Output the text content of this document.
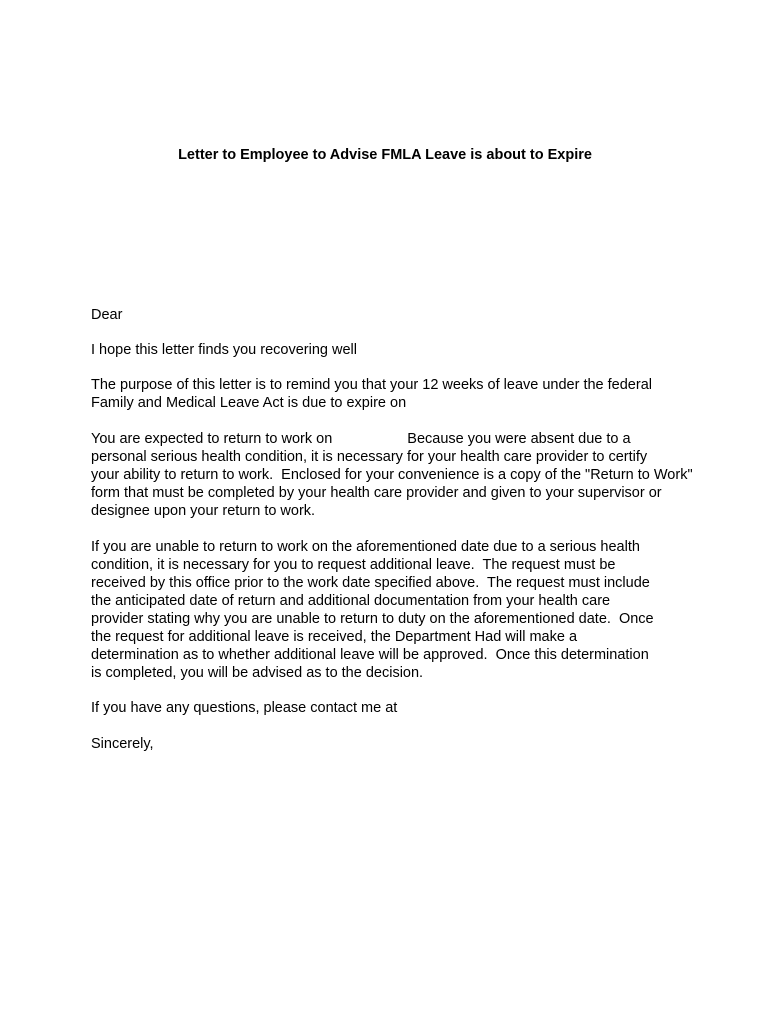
Letter to Employee to Advise FMLA Leave is about to Expire

Dear

I hope this letter finds you recovering well

The purpose of this letter is to remind you that your 12 weeks of leave under the federal

Family and Medical Leave Act is due to expire on

You are expected to return to work on	Because you were absent due to a

personal serious health condition, it is necessary for your health care provider to certify

your ability to return to work.  Enclosed for your convenience is a copy of the "Return to Work"

form that must be completed by your health care provider and given to your supervisor or

designee upon your return to work.

If you are unable to return to work on the aforementioned date due to a serious health

condition, it is necessary for you to request additional leave.  The request must be

received by this office prior to the work date specified above.  The request must include

the anticipated date of return and additional documentation from your health care

provider stating why you are unable to return to duty on the aforementioned date.  Once

the request for additional leave is received, the Department Had will make a

determination as to whether additional leave will be approved.  Once this determination

is completed, you will be advised as to the decision.

If you have any questions, please contact me at

Sincerely,
